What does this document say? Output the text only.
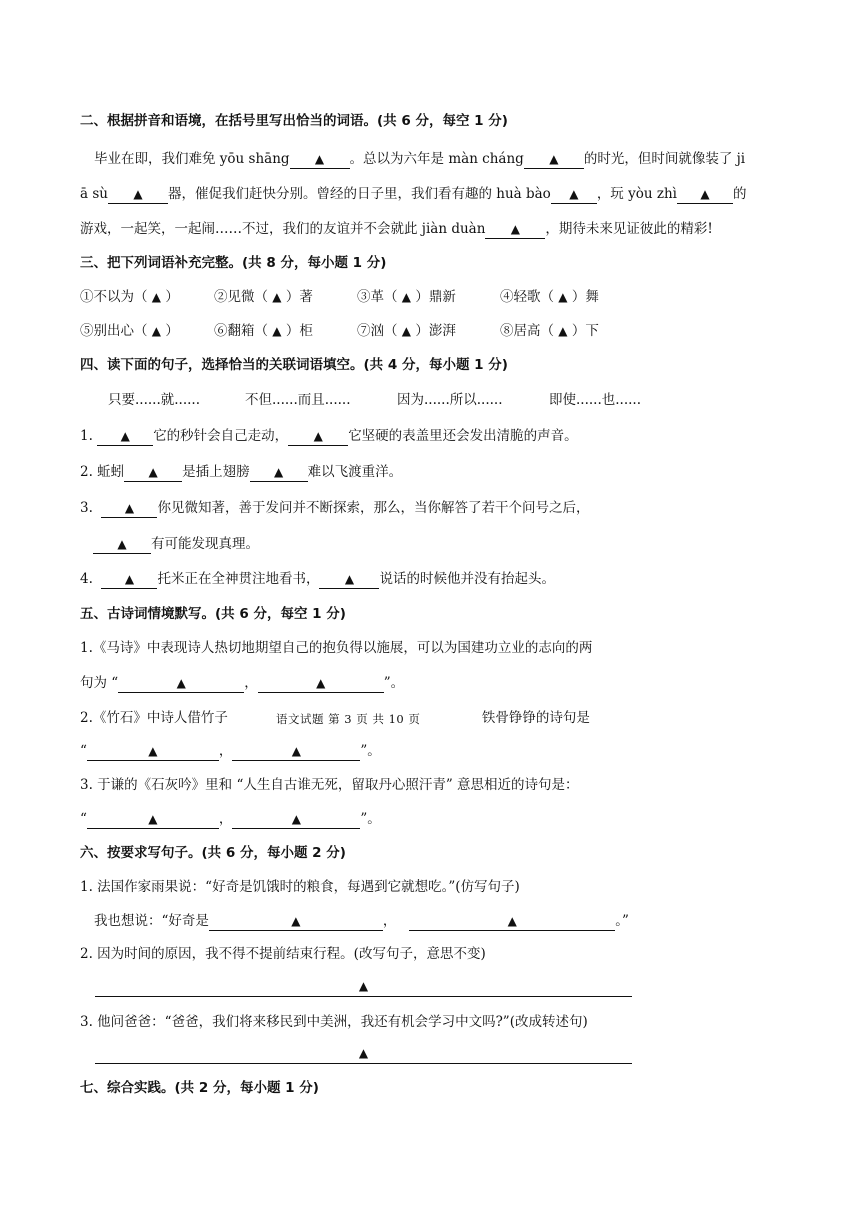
二、根据拼音和语境，在括号里写出恰当的词语。(共 6 分，每空 1 分)
毕业在即，我们难免 yōu shāng ▲ 。总以为六年是 màn cháng ▲ 的时光，但时间就像装了 ji
ā sù ▲ 器，催促我们赶快分别。曾经的日子里，我们看有趣的 huà bào ▲ ，玩 yòu zhì ▲ 的
游戏，一起笑，一起闹……不过，我们的友谊并不会就此 jiàn duàn ▲ ，期待未来见证彼此的精彩!
三、把下列词语补充完整。(共 8 分，每小题 1 分)
①不以为（ ▲ ）	②见微（ ▲ ）著	③革（ ▲ ）鼎新	④轻歌（ ▲ ）舞
⑤别出心（ ▲ ）	⑥翻箱（ ▲ ）柜	⑦汹（ ▲ ）澎湃	⑧居高（ ▲ ）下
四、读下面的句子，选择恰当的关联词语填空。(共 4 分，每小题 1 分)
只要......就......	不但......而且......	因为......所以......	即使......也......
1. ▲ 它的秒针会自己走动， ▲ 它坚硬的表盖里还会发出清脆的声音。
2. 蚯蚓 ▲ 是插上翅膀 ▲ 难以飞渡重洋。
3.	▲ 你见微知著，善于发问并不断探索，那么，当你解答了若干个问号之后，
▲ 有可能发现真理。
4.	▲ 托米正在全神贯注地看书， ▲ 说话的时候他并没有抬起头。
五、古诗词情境默写。(共 6 分，每空 1 分)
1.《马诗》中表现诗人热切地期望自己的抱负得以施展，可以为国建功立业的志向的两
句为 “	▲	，	▲	”。
2.《竹石》中诗人借竹子	铁骨铮铮的诗句是
语文试题 第 3 页 共 10 页
“	▲	，	▲	”。
3. 于谦的《石灰吟》里和 “人生自古谁无死，留取丹心照汗青” 意思相近的诗句是：
“	▲	，	▲	”。
六、按要求写句子。(共 6 分，每小题 2 分)
1. 法国作家雨果说：“好奇是饥饿时的粮食，每遇到它就想吃。”(仿写句子)
我也想说：“好奇是	▲	，	▲	。”
2. 因为时间的原因，我不得不提前结束行程。(改写句子，意思不变)
▲
3. 他问爸爸：“爸爸，我们将来移民到中美洲，我还有机会学习中文吗?”(改成转述句)
▲
七、综合实践。(共 2 分，每小题 1 分)
